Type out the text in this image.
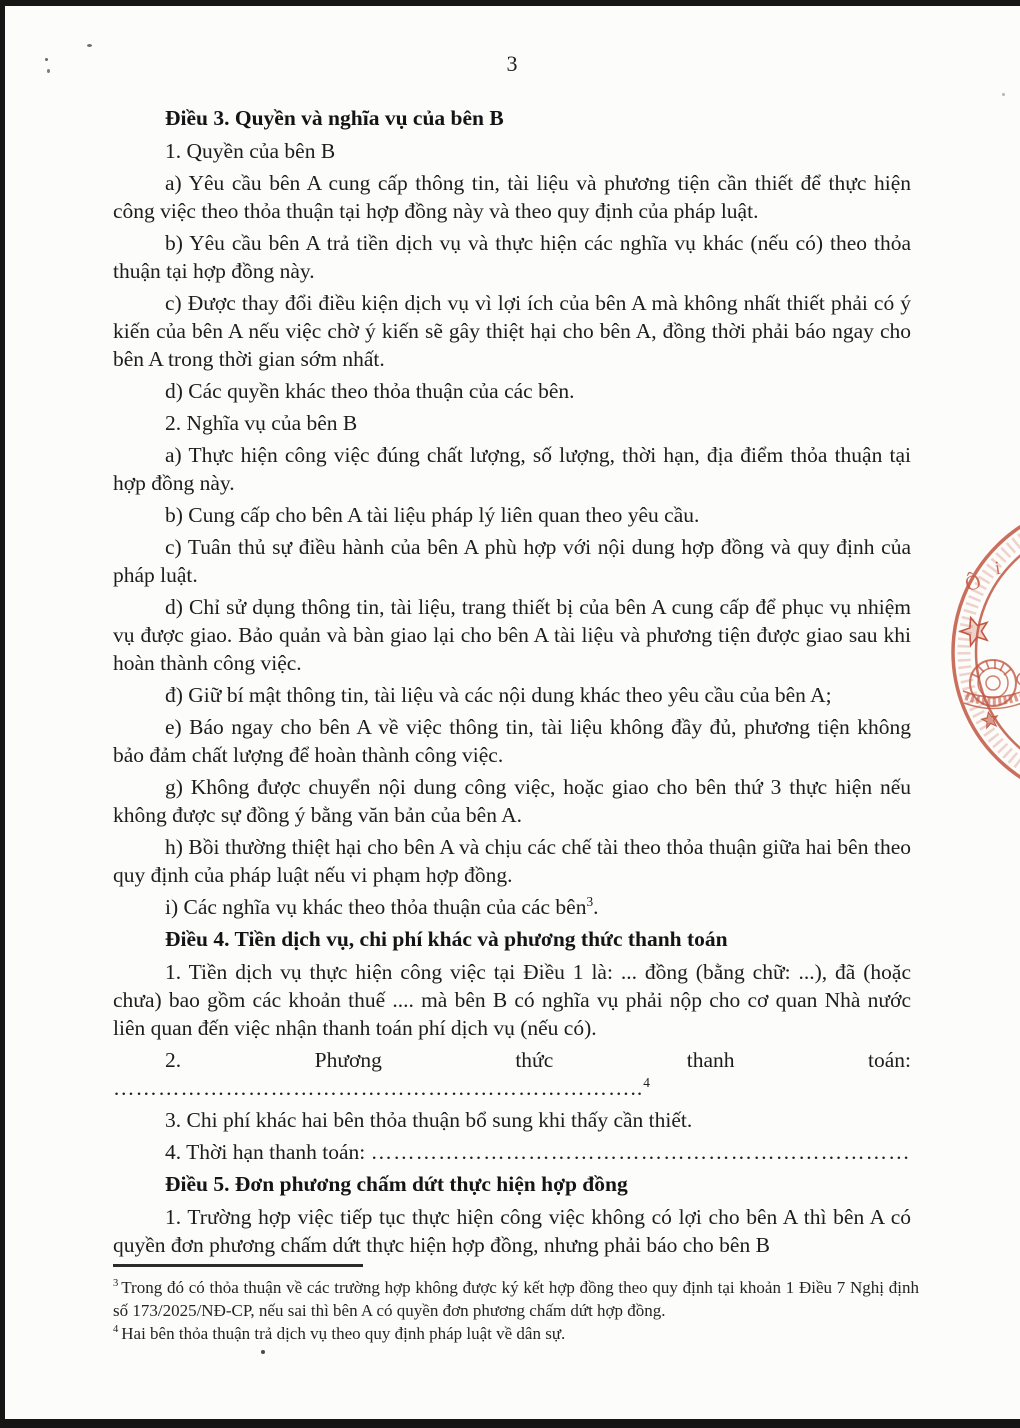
3

Điều 3. Quyền và nghĩa vụ của bên B

1. Quyền của bên B

a) Yêu cầu bên A cung cấp thông tin, tài liệu và phương tiện cần thiết để thực hiện công việc theo thỏa thuận tại hợp đồng này và theo quy định của pháp luật.

b) Yêu cầu bên A trả tiền dịch vụ và thực hiện các nghĩa vụ khác (nếu có) theo thỏa thuận tại hợp đồng này.

c) Được thay đổi điều kiện dịch vụ vì lợi ích của bên A mà không nhất thiết phải có ý kiến của bên A nếu việc chờ ý kiến sẽ gây thiệt hại cho bên A, đồng thời phải báo ngay cho bên A trong thời gian sớm nhất.

d) Các quyền khác theo thỏa thuận của các bên.

2. Nghĩa vụ của bên B

a) Thực hiện công việc đúng chất lượng, số lượng, thời hạn, địa điểm thỏa thuận tại hợp đồng này.

b) Cung cấp cho bên A tài liệu pháp lý liên quan theo yêu cầu.

c) Tuân thủ sự điều hành của bên A phù hợp với nội dung hợp đồng và quy định của pháp luật.

d) Chỉ sử dụng thông tin, tài liệu, trang thiết bị của bên A cung cấp để phục vụ nhiệm vụ được giao. Bảo quản và bàn giao lại cho bên A tài liệu và phương tiện được giao sau khi hoàn thành công việc.

đ) Giữ bí mật thông tin, tài liệu và các nội dung khác theo yêu cầu của bên A;

e) Báo ngay cho bên A về việc thông tin, tài liệu không đầy đủ, phương tiện không bảo đảm chất lượng để hoàn thành công việc.

g) Không được chuyển nội dung công việc, hoặc giao cho bên thứ 3 thực hiện nếu không được sự đồng ý bằng văn bản của bên A.

h) Bồi thường thiệt hại cho bên A và chịu các chế tài theo thỏa thuận giữa hai bên theo quy định của pháp luật nếu vi phạm hợp đồng.

i) Các nghĩa vụ khác theo thỏa thuận của các bên$^3$.

Điều 4. Tiền dịch vụ, chi phí khác và phương thức thanh toán

1. Tiền dịch vụ thực hiện công việc tại Điều 1 là: ... đồng (bằng chữ: ...), đã (hoặc chưa) bao gồm các khoản thuế .... mà bên B có nghĩa vụ phải nộp cho cơ quan Nhà nước liên quan đến việc nhận thanh toán phí dịch vụ (nếu có).

2. Phương thức thanh toán: ……………………………………………………………..$^4$

3. Chi phí khác hai bên thỏa thuận bổ sung khi thấy cần thiết.

4. Thời hạn thanh toán: ………………………………………………………………

Điều 5. Đơn phương chấm dứt thực hiện hợp đồng

1. Trường hợp việc tiếp tục thực hiện công việc không có lợi cho bên A thì bên A có quyền đơn phương chấm dứt thực hiện hợp đồng, nhưng phải báo cho bên B

$^3$ Trong đó có thỏa thuận về các trường hợp không được ký kết hợp đồng theo quy định tại khoản 1 Điều 7 Nghị định số 173/2025/NĐ-CP, nếu sai thì bên A có quyền đơn phương chấm dứt hợp đồng.

$^4$ Hai bên thỏa thuận trả dịch vụ theo quy định pháp luật về dân sự.

Ô i
